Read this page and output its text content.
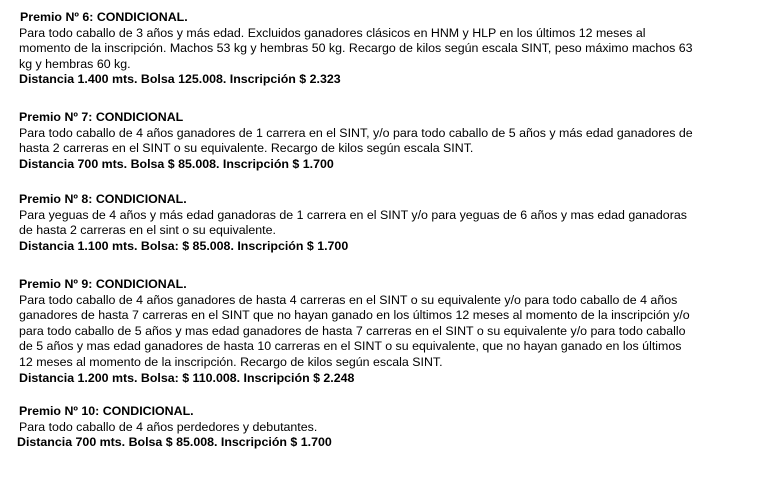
Premio Nº 6: CONDICIONAL.

Para todo caballo de 3 años y más edad. Excluidos ganadores clásicos en HNM y HLP en los últimos 12 meses al
momento de la inscripción. Machos 53 kg y hembras 50 kg. Recargo de kilos según escala SINT, peso máximo machos 63
kg y hembras 60 kg.

Distancia 1.400 mts. Bolsa 125.008. Inscripción $ 2.323

Premio Nº 7: CONDICIONAL

Para todo caballo de 4 años ganadores de 1 carrera en el SINT, y/o para todo caballo de 5 años y más edad ganadores de
hasta 2 carreras en el SINT o su equivalente. Recargo de kilos según escala SINT.

Distancia 700 mts. Bolsa $ 85.008. Inscripción $ 1.700

Premio Nº 8: CONDICIONAL.

Para yeguas de 4 años y más edad ganadoras de 1 carrera en el SINT y/o para yeguas de 6 años y mas edad ganadoras
de hasta 2 carreras en el sint o su equivalente.

Distancia 1.100 mts. Bolsa: $ 85.008. Inscripción $ 1.700

Premio Nº 9: CONDICIONAL.

Para todo caballo de 4 años ganadores de hasta 4 carreras en el SINT o su equivalente y/o para todo caballo de 4 años
ganadores de hasta 7 carreras en el SINT que no hayan ganado en los últimos 12 meses al momento de la inscripción y/o
para todo caballo de 5 años y mas edad ganadores de hasta 7 carreras en el SINT o su equivalente y/o para todo caballo
de 5 años y mas edad ganadores de hasta 10 carreras en el SINT o su equivalente, que no hayan ganado en los últimos
12 meses al momento de la inscripción. Recargo de kilos según escala SINT.

Distancia 1.200 mts. Bolsa: $ 110.008. Inscripción $ 2.248

Premio Nº 10: CONDICIONAL.

Para todo caballo de 4 años perdedores y debutantes.

Distancia 700 mts. Bolsa $ 85.008. Inscripción $ 1.700
